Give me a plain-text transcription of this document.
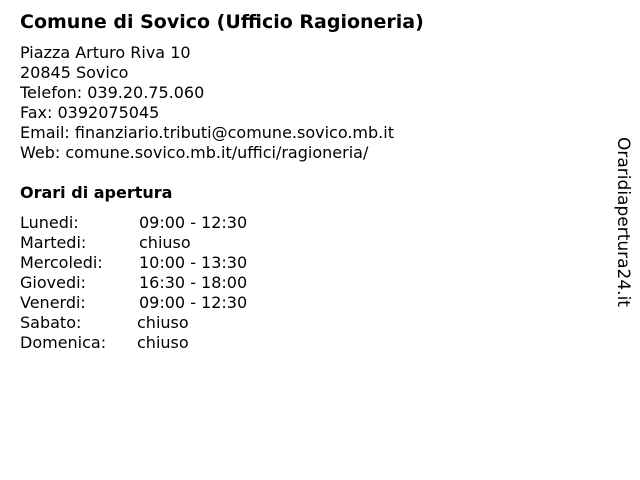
Comune di Sovico (Ufficio Ragioneria)
Piazza Arturo Riva 10
20845 Sovico
Telefon: 039.20.75.060
Fax: 0392075045
Email: finanziario.tributi@comune.sovico.mb.it
Web: comune.sovico.mb.it/uffici/ragioneria/
Orari di apertura
Lunedi:	09:00 - 12:30
Martedi:	chiuso
Mercoledi: 10:00 - 13:30
Giovedi:	16:30 - 18:00
Venerdi:	09:00 - 12:30
Sabato:	chiuso
Domenica: chiuso
Oraridiapertura24.it
